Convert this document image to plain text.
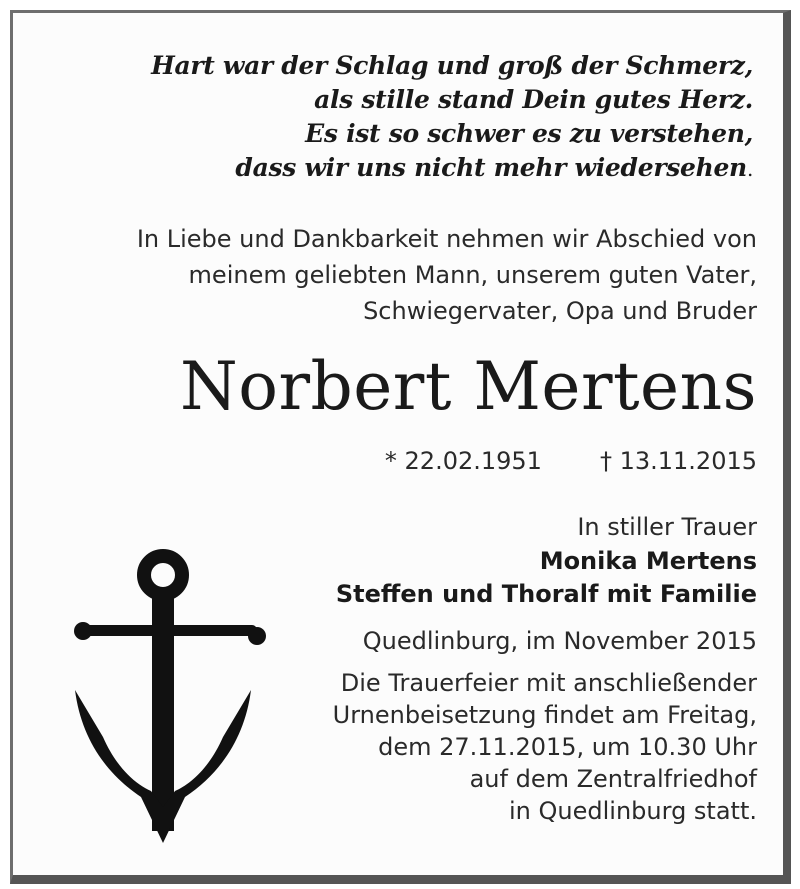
Hart war der Schlag und groß der Schmerz,
als stille stand Dein gutes Herz.
Es ist so schwer es zu verstehen,
dass wir uns nicht mehr wiedersehen.
In Liebe und Dankbarkeit nehmen wir Abschied von
meinem geliebten Mann, unserem guten Vater,
Schwiegervater, Opa und Bruder
Norbert Mertens
* 22.02.1951 † 13.11.2015
In stiller Trauer
Monika Mertens
Steffen und Thoralf mit Familie
Quedlinburg, im November 2015
Die Trauerfeier mit anschließender
Urnenbeisetzung findet am Freitag,
dem 27.11.2015, um 10.30 Uhr
auf dem Zentralfriedhof
in Quedlinburg statt.
